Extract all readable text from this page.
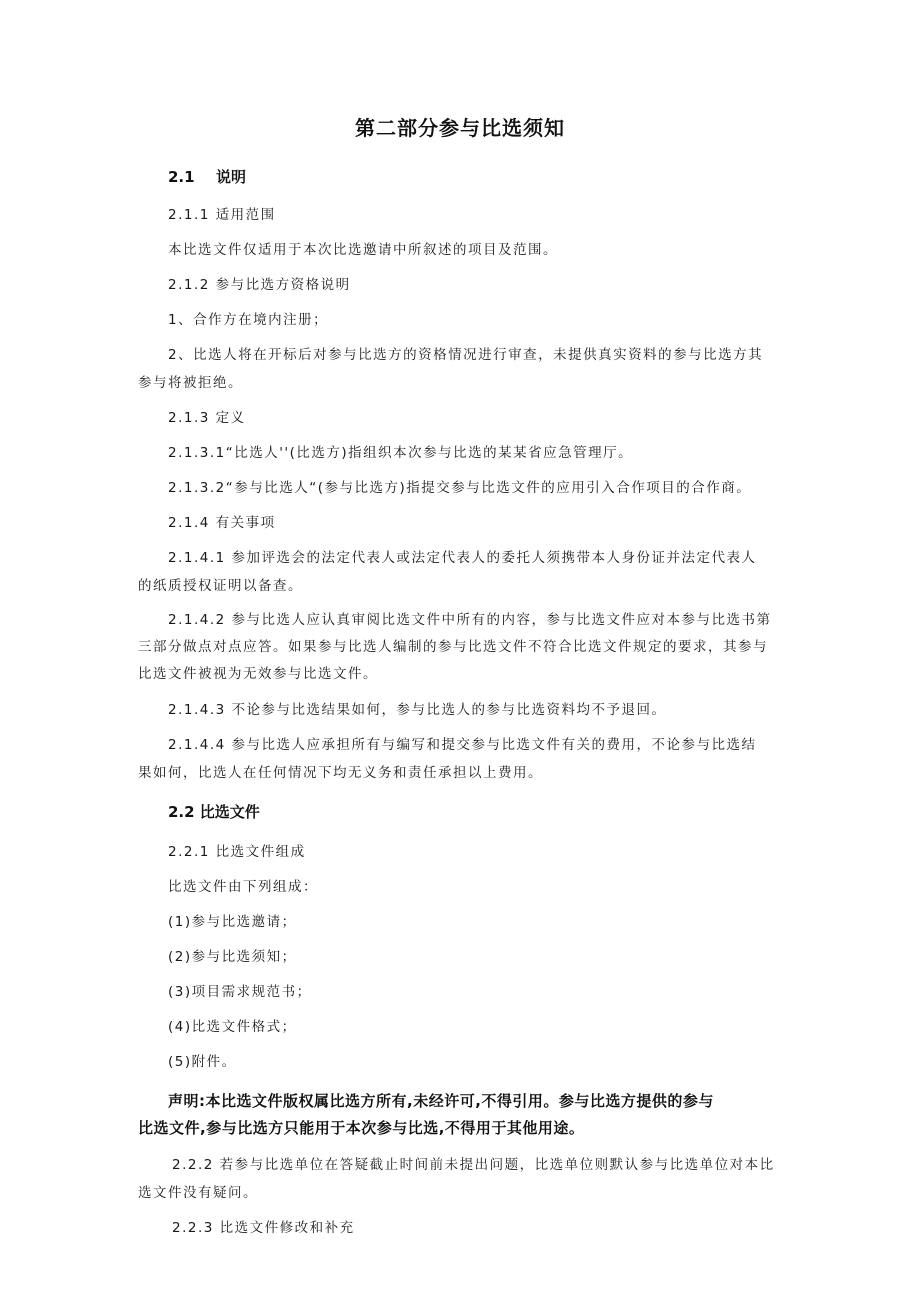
第二部分参与比选须知
2.1 说明
2.1.1 适用范围
本比选文件仅适用于本次比选邀请中所叙述的项目及范围。
2.1.2 参与比选方资格说明
1、合作方在境内注册；
2、比选人将在开标后对参与比选方的资格情况进行审查，未提供真实资料的参与比选方其
参与将被拒绝。
2.1.3 定义
2.1.3.1“比选人''(比选方)指组织本次参与比选的某某省应急管理厅。
2.1.3.2“参与比选人“(参与比选方)指提交参与比选文件的应用引入合作项目的合作商。
2.1.4 有关事项
2.1.4.1 参加评选会的法定代表人或法定代表人的委托人须携带本人身份证并法定代表人
的纸质授权证明以备查。
2.1.4.2 参与比选人应认真审阅比选文件中所有的内容，参与比选文件应对本参与比选书第
三部分做点对点应答。如果参与比选人编制的参与比选文件不符合比选文件规定的要求，其参与
比选文件被视为无效参与比选文件。
2.1.4.3 不论参与比选结果如何，参与比选人的参与比选资料均不予退回。
2.1.4.4 参与比选人应承担所有与编写和提交参与比选文件有关的费用，不论参与比选结
果如何，比选人在任何情况下均无义务和责任承担以上费用。
2.2 比选文件
2.2.1 比选文件组成
比选文件由下列组成：
(1)参与比选邀请；
(2)参与比选须知；
(3)项目需求规范书；
(4)比选文件格式；
(5)附件。
声明:本比选文件版权属比选方所有,未经许可,不得引用。参与比选方提供的参与
比选文件,参与比选方只能用于本次参与比选,不得用于其他用途。
2.2.2 若参与比选单位在答疑截止时间前未提出问题，比选单位则默认参与比选单位对本比
选文件没有疑问。
2.2.3 比选文件修改和补充
